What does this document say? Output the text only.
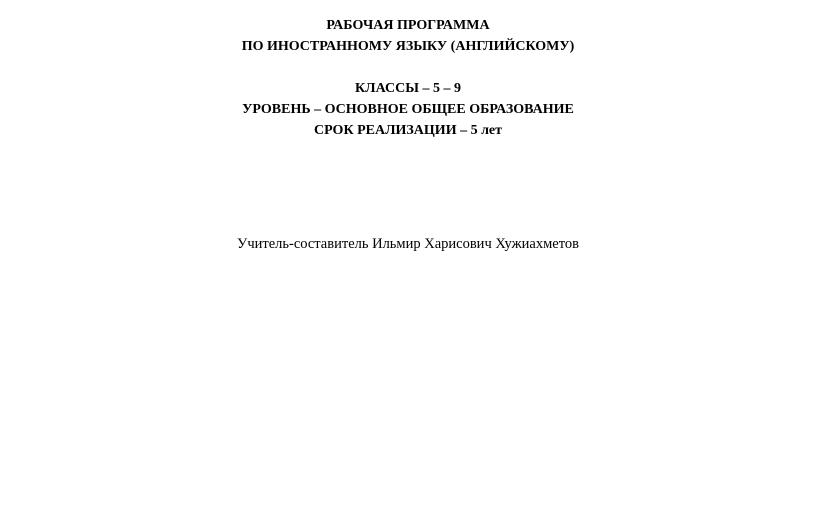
РАБОЧАЯ ПРОГРАММА
ПО ИНОСТРАННОМУ ЯЗЫКУ (АНГЛИЙСКОМУ)
КЛАССЫ – 5 – 9
УРОВЕНЬ – ОСНОВНОЕ ОБЩЕЕ ОБРАЗОВАНИЕ
СРОК РЕАЛИЗАЦИИ – 5 лет
Учитель-составитель Ильмир Харисович Хужиахметов
